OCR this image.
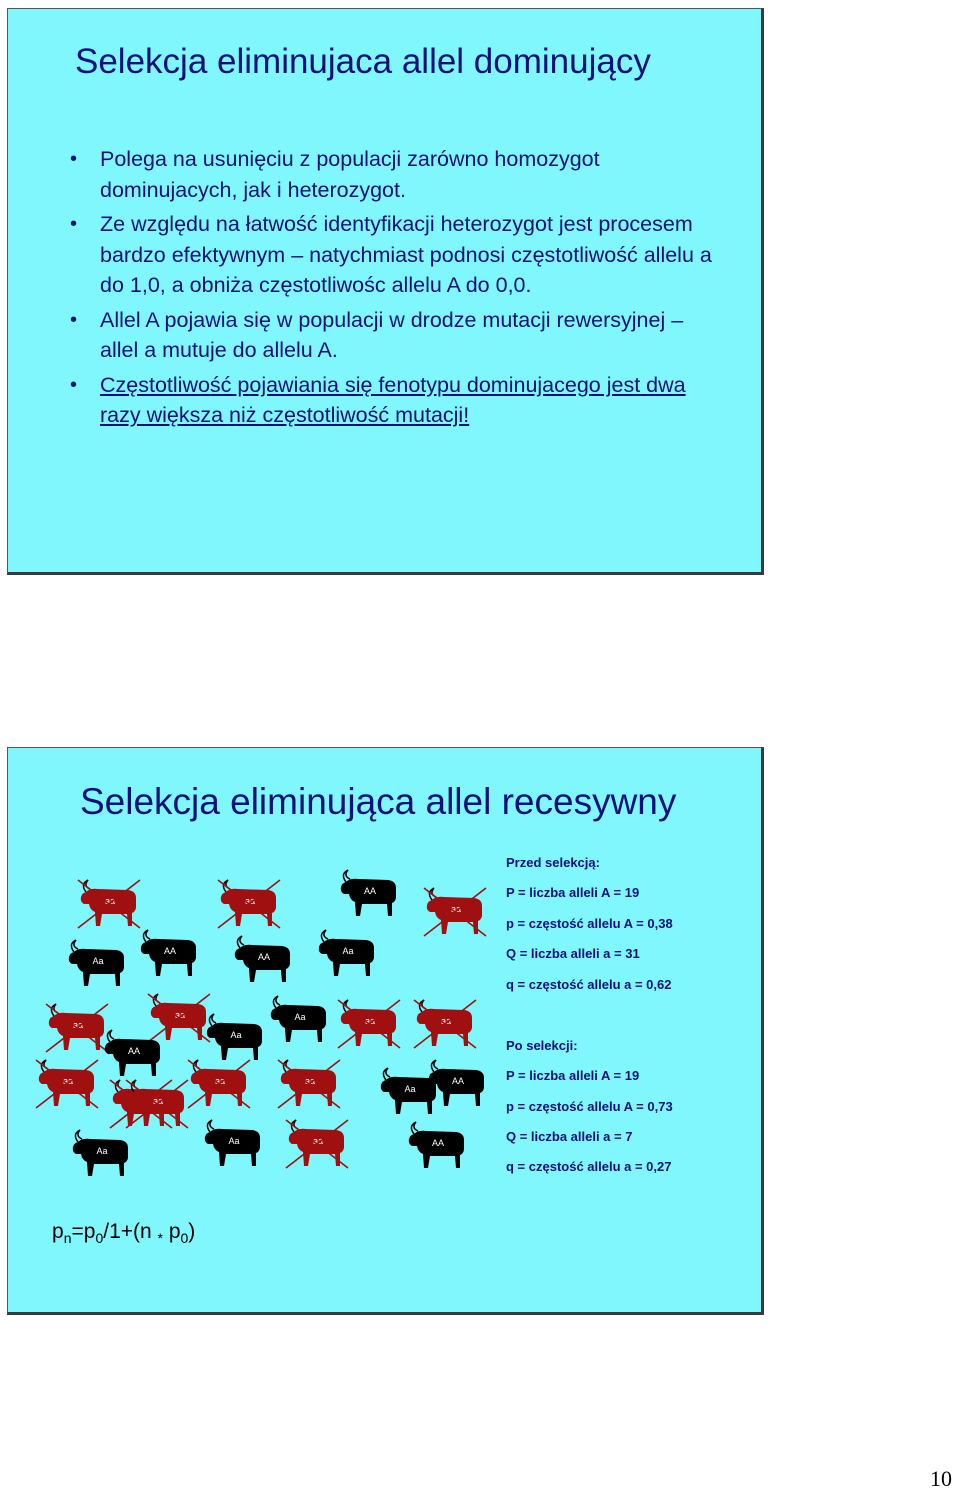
Selekcja eliminujaca allel dominujący
• Polega na usunięciu z populacji zarówno homozygot dominujacych, jak i heterozygot.
• Ze względu na łatwość identyfikacji heterozygot jest procesem bardzo efektywnym – natychmiast podnosi częstotliwość allelu a do 1,0, a obniża częstotliwośc allelu A do 0,0.
• Allel A pojawia się w populacji w drodze mutacji rewersyjnej – allel a mutuje do allelu A.
• Częstotliwość pojawiania się fenotypu dominujacego jest dwa razy większa niż częstotliwość mutacji!
Selekcja eliminująca allel recesywny
aa	aa
AA
aa
Aa
AA
AA
Aa
aa
aa	Aa	aa	aa
AA
Aa
aa	aa	aa
Aa
AA
aa
Aa
Aa	aa	AA
Przed selekcją:
P = liczba alleli A = 19
p = częstość allelu A = 0,38
Q = liczba alleli a = 31
q = częstość allelu a = 0,62
Po selekcji:
P = liczba alleli A = 19
p = częstość allelu A = 0,73
Q = liczba alleli a = 7
q = częstość allelu a = 0,27
$p_n=p_0/1+(n$ $_*$ $p_0$)
10
